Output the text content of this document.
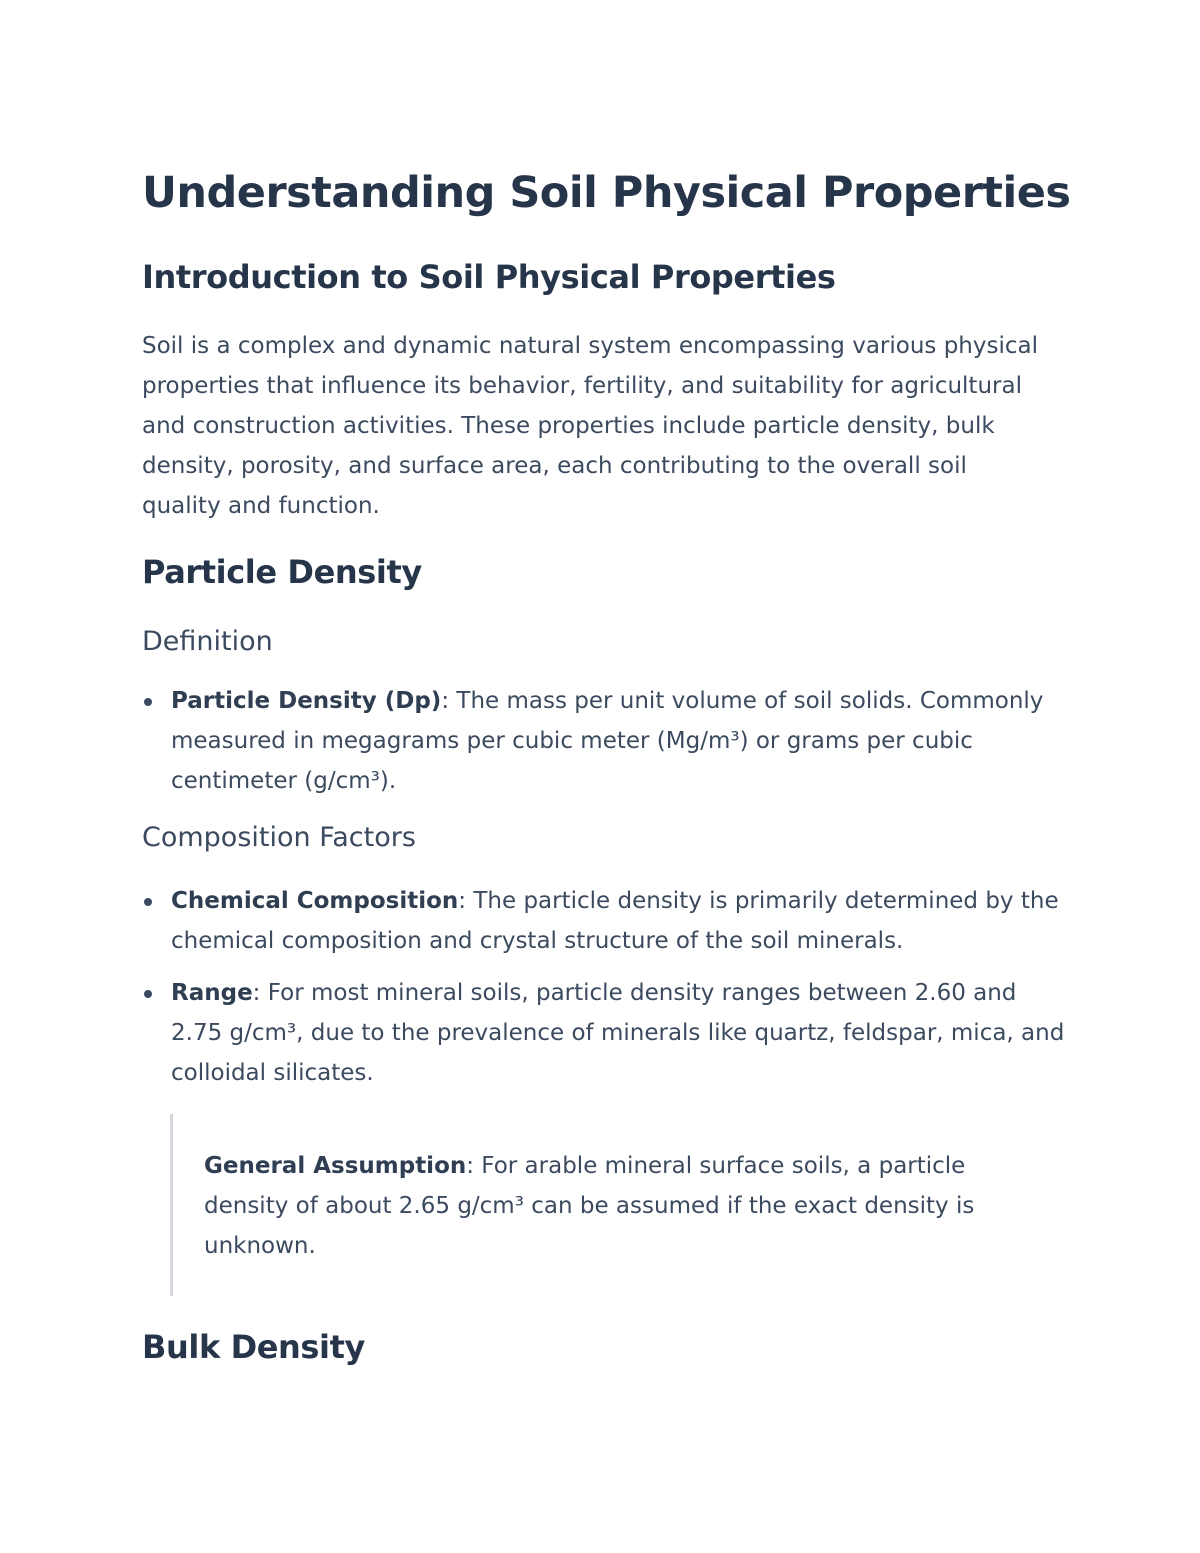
Understanding Soil Physical Properties
Introduction to Soil Physical Properties

Soil is a complex and dynamic natural system encompassing various physical properties that influence its behavior, fertility, and suitability for agricultural and construction activities. These properties include particle density, bulk density, porosity, and surface area, each contributing to the overall soil quality and function.

Particle Density
Definition
Particle Density (Dp): The mass per unit volume of soil solids. Commonly measured in megagrams per cubic meter (Mg/m³) or grams per cubic centimeter (g/cm³).
Composition Factors
Chemical Composition: The particle density is primarily determined by the chemical composition and crystal structure of the soil minerals.
Range: For most mineral soils, particle density ranges between 2.60 and 2.75 g/cm³, due to the prevalence of minerals like quartz, feldspar, mica, and colloidal silicates.

General Assumption: For arable mineral surface soils, a particle density of about 2.65 g/cm³ can be assumed if the exact density is unknown.

Bulk Density
